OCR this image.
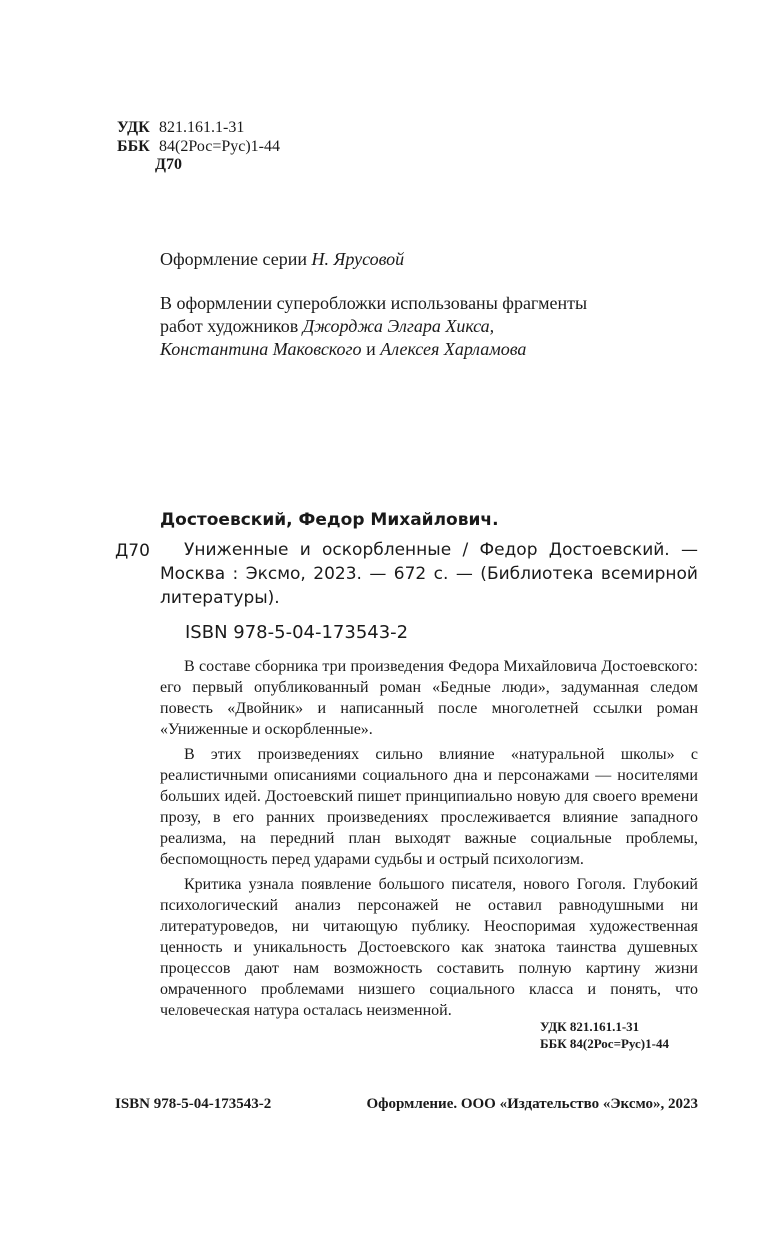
УДК 821.161.1-31
ББК 84(2Рос=Рус)1-44
Д70
Оформление серии Н. Ярусовой
В оформлении суперобложки использованы фрагменты
работ художников Джорджа Элгара Хикса,
Константина Маковского и Алексея Харламова
Достоевский, Федор Михайлович.
Д70	Униженные и оскорбленные / Федор Достоевский. — Москва : Эксмо, 2023. — 672 с. — (Библиотека всемирной литературы).
ISBN 978-5-04-173543-2

В составе сборника три произведения Федора Михайловича Достоевского: его первый опубликованный роман «Бедные люди», задуманная следом повесть «Двойник» и написанный после многолетней ссылки роман «Униженные и оскорбленные».

В этих произведениях сильно влияние «натуральной школы» с реалистичными описаниями социального дна и персонажами — носителями больших идей. Достоевский пишет принципиально новую для своего времени прозу, в его ранних произведениях прослеживается влияние западного реализма, на передний план выходят важные социальные проблемы, беспомощность перед ударами судьбы и острый психологизм.

Критика узнала появление большого писателя, нового Гоголя. Глубокий психологический анализ персонажей не оставил равнодушными ни литературоведов, ни читающую публику. Неоспоримая художественная ценность и уникальность Достоевского как знатока таинства душевных процессов дают нам возможность составить полную картину жизни омраченного проблемами низшего социального класса и понять, что человеческая натура осталась неизменной.

УДК 821.161.1-31
ББК 84(2Рос=Рус)1-44
ISBN 978-5-04-173543-2	Оформление. ООО «Издательство «Эксмо», 2023
